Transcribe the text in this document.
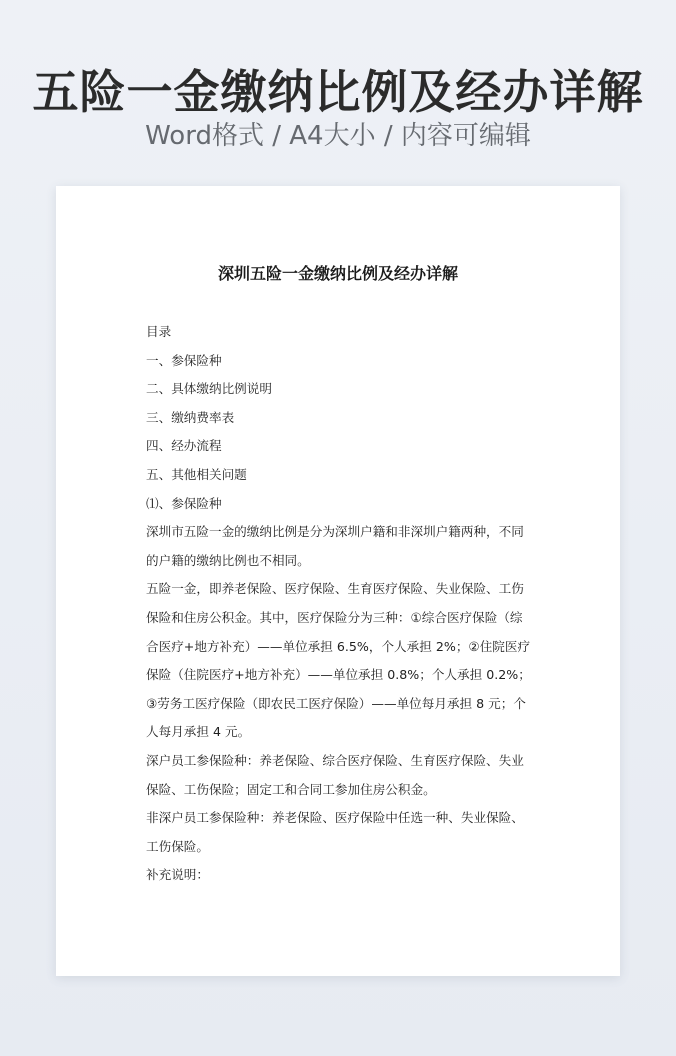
五险一金缴纳比例及经办详解
Word格式 / A4大小 / 内容可编辑
深圳五险一金缴纳比例及经办详解

目录

一、参保险种

二、具体缴纳比例说明

三、缴纳费率表

四、经办流程

五、其他相关问题

⑴、参保险种

深圳市五险一金的缴纳比例是分为深圳户籍和非深圳户籍两种，不同的户籍的缴纳比例也不相同。

五险一金，即养老保险、医疗保险、生育医疗保险、失业保险、工伤保险和住房公积金。其中，医疗保险分为三种：①综合医疗保险（综合医疗+地方补充）——单位承担 6.5%，个人承担 2%；②住院医疗保险（住院医疗+地方补充）——单位承担 0.8%；个人承担 0.2%；③劳务工医疗保险（即农民工医疗保险）——单位每月承担 8 元；个人每月承担 4 元。

深户员工参保险种：养老保险、综合医疗保险、生育医疗保险、失业保险、工伤保险；固定工和合同工参加住房公积金。

非深户员工参保险种：养老保险、医疗保险中任选一种、失业保险、工伤保险。

补充说明：
